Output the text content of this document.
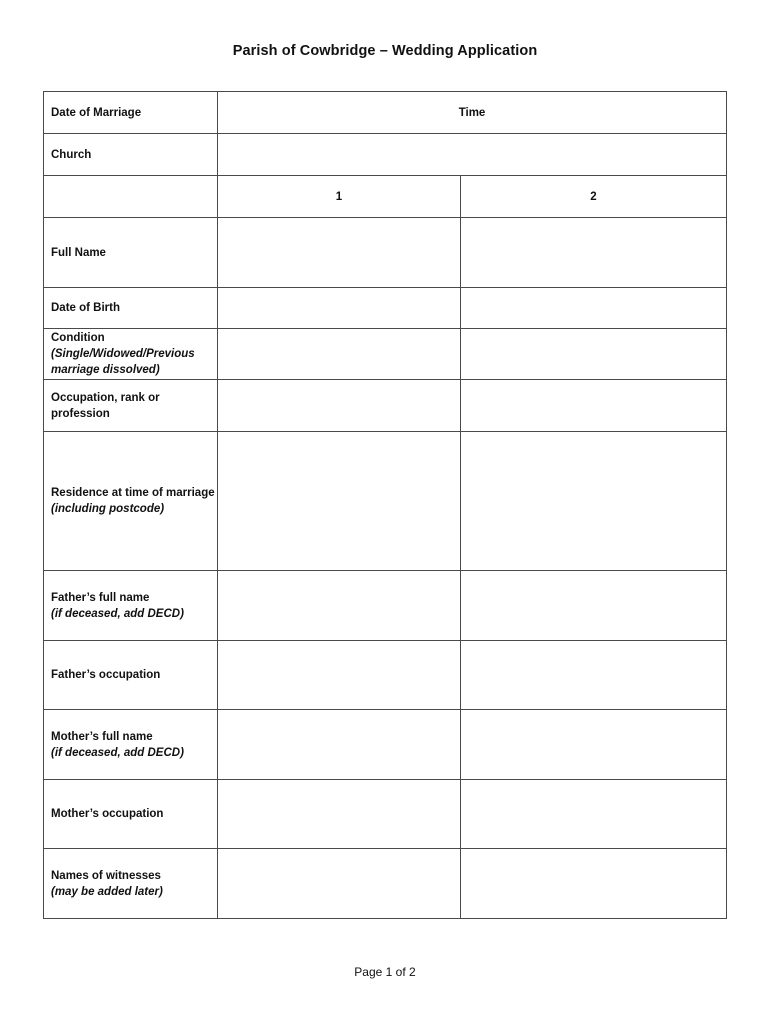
Parish of Cowbridge – Wedding Application
Date of Marriage	Time	
Church		
	1	2

Full Name		

Date of Birth		

Condition
(Single/Widowed/Previous marriage dissolved)		

Occupation, rank or profession		

Residence at time of marriage
(including postcode)		

Father’s full name
(if deceased, add DECD)		

Father’s occupation		

Mother’s full name
(if deceased, add DECD)		

Mother’s occupation		

Names of witnesses
(may be added later)		

Page 1 of 2
